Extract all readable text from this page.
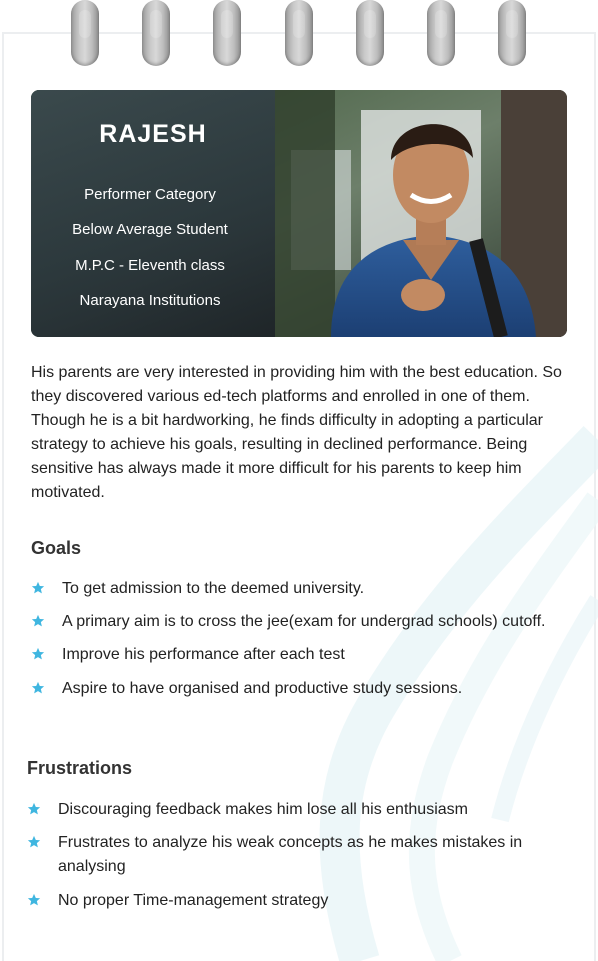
RAJESH
Performer Category
Below Average Student
M.P.C - Eleventh class
Narayana Institutions

His parents are very interested in providing him with the best education. So they discovered various ed-tech platforms and enrolled in one of them. Though he is a bit hardworking, he finds difficulty in adopting a particular strategy to achieve his goals, resulting in declined performance. Being sensitive has always made it more difficult for his parents to keep him motivated.

Goals
To get admission to the deemed university.
A primary aim is to cross the jee(exam for undergrad schools) cutoff.
Improve his performance after each test
Aspire to have organised and productive study sessions.
Frustrations
Discouraging feedback makes him lose all his enthusiasm
Frustrates to analyze his weak concepts as he makes mistakes in analysing
No proper Time-management strategy
